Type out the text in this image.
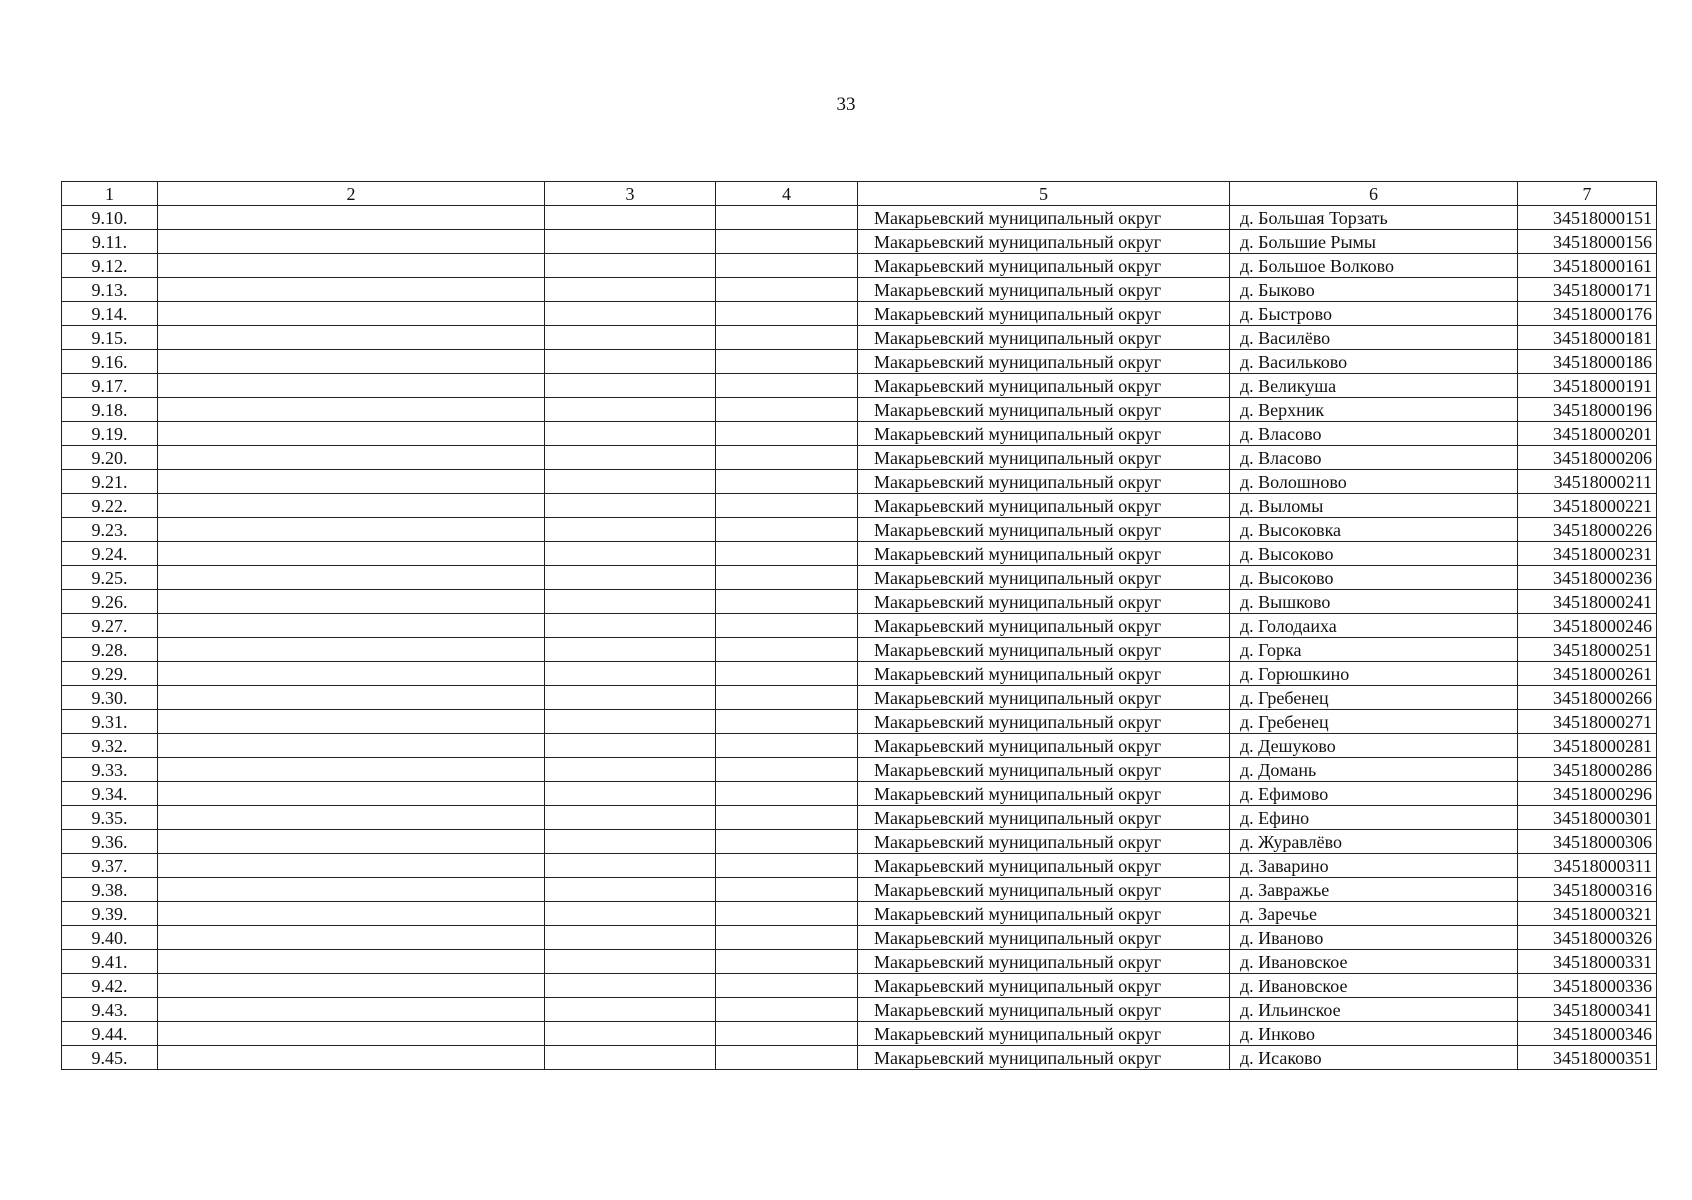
33
1	2	3	4	5	6	7
9.10.				Макарьевский муниципальный округ	д. Большая Торзать	34518000151
9.11.				Макарьевский муниципальный округ	д. Большие Рымы	34518000156
9.12.				Макарьевский муниципальный округ	д. Большое Волково	34518000161
9.13.				Макарьевский муниципальный округ	д. Быково	34518000171
9.14.				Макарьевский муниципальный округ	д. Быстрово	34518000176
9.15.				Макарьевский муниципальный округ	д. Василёво	34518000181
9.16.				Макарьевский муниципальный округ	д. Васильково	34518000186
9.17.				Макарьевский муниципальный округ	д. Великуша	34518000191
9.18.				Макарьевский муниципальный округ	д. Верхник	34518000196
9.19.				Макарьевский муниципальный округ	д. Власово	34518000201
9.20.				Макарьевский муниципальный округ	д. Власово	34518000206
9.21.				Макарьевский муниципальный округ	д. Волошново	34518000211
9.22.				Макарьевский муниципальный округ	д. Выломы	34518000221
9.23.				Макарьевский муниципальный округ	д. Высоковка	34518000226
9.24.				Макарьевский муниципальный округ	д. Высоково	34518000231
9.25.				Макарьевский муниципальный округ	д. Высоково	34518000236
9.26.				Макарьевский муниципальный округ	д. Вышково	34518000241
9.27.				Макарьевский муниципальный округ	д. Голодаиха	34518000246
9.28.				Макарьевский муниципальный округ	д. Горка	34518000251
9.29.				Макарьевский муниципальный округ	д. Горюшкино	34518000261
9.30.				Макарьевский муниципальный округ	д. Гребенец	34518000266
9.31.				Макарьевский муниципальный округ	д. Гребенец	34518000271
9.32.				Макарьевский муниципальный округ	д. Дешуково	34518000281
9.33.				Макарьевский муниципальный округ	д. Домань	34518000286
9.34.				Макарьевский муниципальный округ	д. Ефимово	34518000296
9.35.				Макарьевский муниципальный округ	д. Ефино	34518000301
9.36.				Макарьевский муниципальный округ	д. Журавлёво	34518000306
9.37.				Макарьевский муниципальный округ	д. Заварино	34518000311
9.38.				Макарьевский муниципальный округ	д. Завражье	34518000316
9.39.				Макарьевский муниципальный округ	д. Заречье	34518000321
9.40.				Макарьевский муниципальный округ	д. Иваново	34518000326
9.41.				Макарьевский муниципальный округ	д. Ивановское	34518000331
9.42.				Макарьевский муниципальный округ	д. Ивановское	34518000336
9.43.				Макарьевский муниципальный округ	д. Ильинское	34518000341
9.44.				Макарьевский муниципальный округ	д. Инково	34518000346
9.45.				Макарьевский муниципальный округ	д. Исаково	34518000351
